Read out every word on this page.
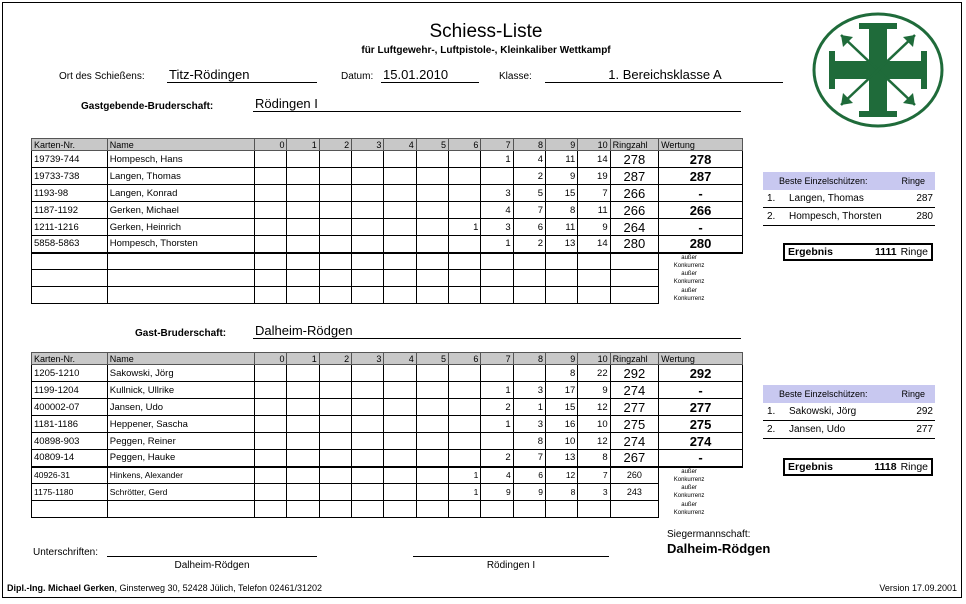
Schiess-Liste
für Luftgewehr-, Luftpistole-, Kleinkaliber Wettkampf
Ort des Schießens: Titz-Rödingen	Datum: 15.01.2010	Klasse:	1. Bereichsklasse A
Gastgebende-Bruderschaft:	Rödingen I
Karten-Nr.	Name	0	1	2	3	4	5	6	7	8	9	10	Ringzahl	Wertung
19739-744	Hompesch, Hans								1	4	11	14	278	278
19733-738	Langen, Thomas									2	9	19	287	287
1193-98	Langen, Konrad								3	5	15	7	266	-
1187-1192	Gerken, Michael								4	7	8	11	266	266
1211-1216	Gerken, Heinrich							1	3	6	11	9	264	-
5858-5863	Hompesch, Thorsten								1	2	13	14	280	280

														außer
Konkurrenz

														außer
Konkurrenz

														außer
Konkurrenz
Beste Einzelschützen:	Ringe
1.	Langen, Thomas	287
2.	Hompesch, Thorsten	280
Ergebnis	1111 Ringe
Gast-Bruderschaft: Dalheim-Rödgen
Karten-Nr.	Name	0	1	2	3	4	5	6	7	8	9	10	Ringzahl	Wertung
1205-1210	Sakowski, Jörg										8	22	292	292
1199-1204	Kullnick, Ullrike								1	3	17	9	274	-
400002-07	Jansen, Udo								2	1	15	12	277	277
1181-1186	Heppener, Sascha								1	3	16	10	275	275
40898-903	Peggen, Reiner									8	10	12	274	274
40809-14	Peggen, Hauke								2	7	13	8	267	-
40926-31	Hinkens, Alexander							1	4	6	12	7	260	außer
Konkurrenz

1175-1180	Schrötter, Gerd							1	9	9	8	3	243	außer
Konkurrenz

														außer
Konkurrenz
Beste Einzelschützen:	Ringe
1.	Sakowski, Jörg	292
2.	Jansen, Udo	277
Ergebnis	1118 Ringe
Siegermannschaft:
Dalheim-Rödgen
Unterschriften:
Dalheim-Rödgen	Rödingen I
Dipl.-Ing. Michael Gerken, Ginsterweg 30, 52428 Jülich, Telefon 02461/31202	Version 17.09.2001
